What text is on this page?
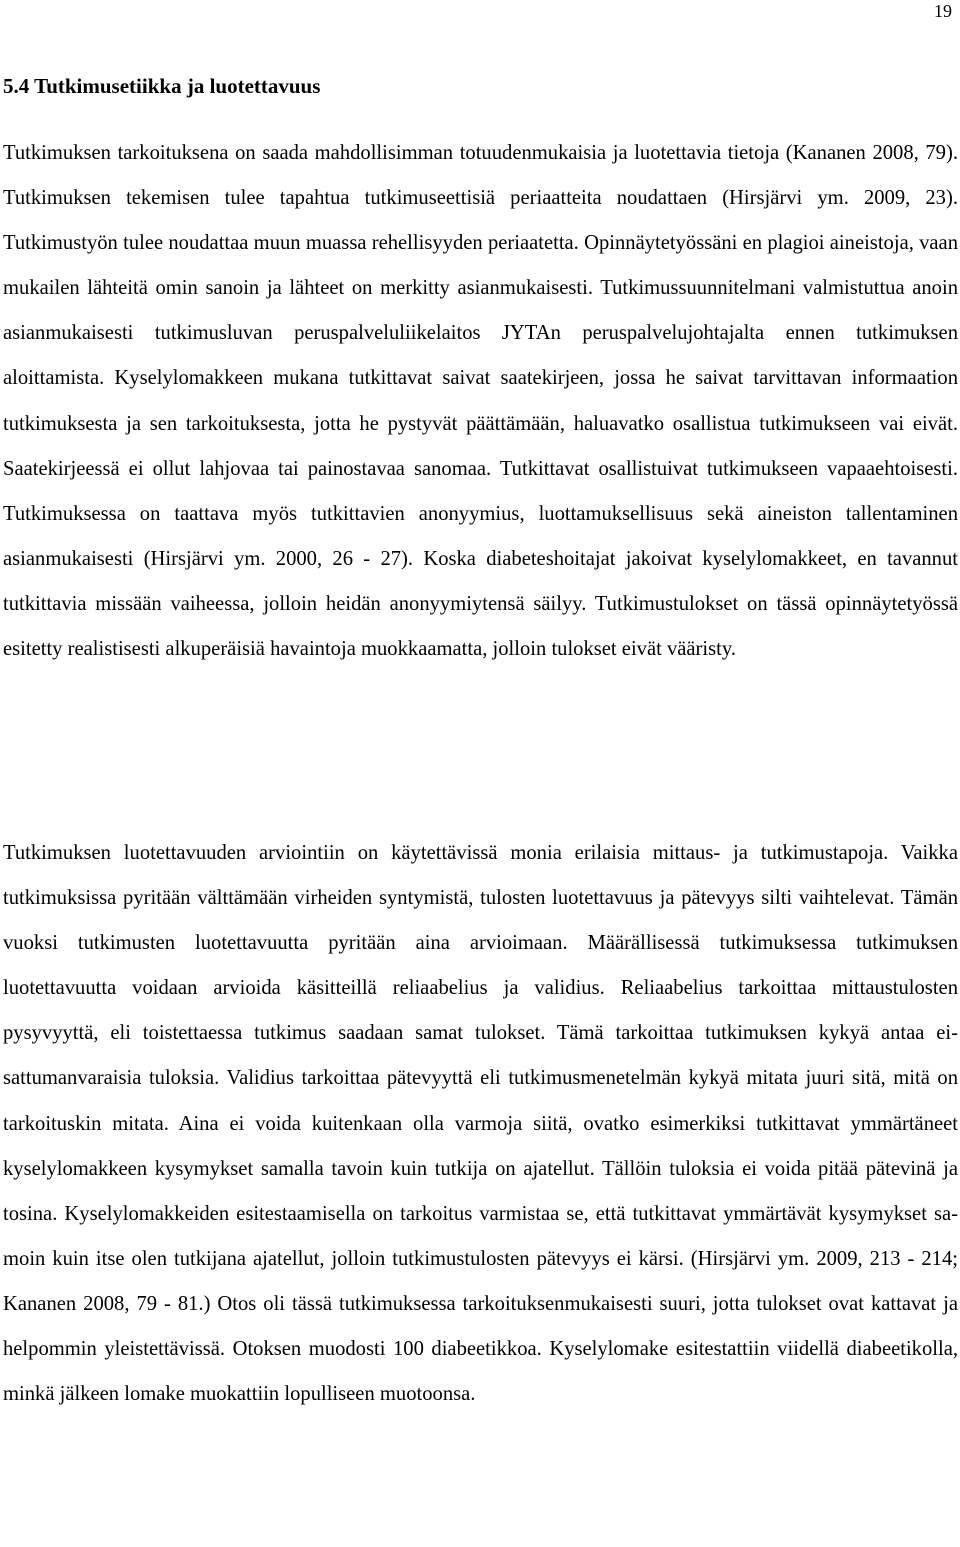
19
5.4 Tutkimusetiikka ja luotettavuus

Tutkimuksen tarkoituksena on saada mahdollisimman totuudenmukaisia ja luotettavia tietoja (Kananen 2008, 79). Tutkimuksen tekemisen tulee tapahtua tutkimuseettisiä periaatteita noudattaen (Hirsjärvi ym. 2009, 23). Tutkimustyön tulee noudattaa muun muassa rehellisyyden periaatetta. Opinnäytetyössäni en plagioi aineistoja, vaan mukailen lähteitä omin sanoin ja lähteet on merkitty asianmukaisesti. Tutkimussuunnitelmani valmistuttua anoin asianmukaisesti tutkimusluvan peruspalveluliikelaitos JYTAn peruspalvelujohtajalta ennen tutkimuksen aloittamista. Kyselylomakkeen mukana tutkittavat saivat saatekirjeen, jossa he saivat tarvittavan informaation tutkimuksesta ja sen tarkoituksesta, jotta he pystyvät päättämään, haluavatko osallistua tutkimukseen vai eivät. Saatekirjeessä ei ollut lahjovaa tai painostavaa sanomaa. Tutkittavat osallistuivat tutkimukseen vapaaehtoisesti. Tutkimuksessa on taattava myös tutkittavien anonyymius, luottamuksellisuus sekä aineiston tallentaminen asianmukaisesti (Hirsjärvi ym. 2000, 26 - 27). Koska diabeteshoitajat jakoivat kyselylomakkeet, en tavannut tutkittavia missään vaiheessa, jolloin heidän anonyymiytensä säilyy. Tutkimustulokset on tässä opinnäytetyössä esitetty realistisesti alkuperäisiä havaintoja muokkaamatta, jolloin tulokset eivät vääristy.

Tutkimuksen luotettavuuden arviointiin on käytettävissä monia erilaisia mittaus- ja tutkimustapoja. Vaikka tutkimuksissa pyritään välttämään virheiden syntymistä, tulosten luotettavuus ja pätevyys silti vaihtelevat. Tämän vuoksi tutkimusten luotettavuutta pyritään aina arvioimaan. Määrällisessä tutkimuksessa tutkimuksen luotettavuutta voidaan arvioida käsitteillä reliaabelius ja validius. Reliaabelius tarkoittaa mittaustulosten pysyvyyttä, eli toistettaessa tutkimus saadaan samat tulokset. Tämä tarkoittaa tutkimuksen kykyä antaa ei-sattumanvaraisia tuloksia. Validius tarkoittaa pätevyyttä eli tutkimusmenetelmän kykyä mitata juuri sitä, mitä on tarkoituskin mitata. Aina ei voida kuitenkaan olla varmoja siitä, ovatko esimerkiksi tutkittavat ymmärtäneet kyselylomakkeen kysymykset samalla tavoin kuin tutkija on ajatellut. Tällöin tuloksia ei voida pitää pätevinä ja tosina. Kyselylomakkeiden esitestaamisella on tarkoitus varmistaa se, että tutkittavat ymmärtävät kysymykset samoin kuin itse olen tutkijana ajatellut, jolloin tutkimustulosten pätevyys ei kärsi. (Hirsjärvi ym. 2009, 213 - 214; Kananen 2008, 79 - 81.) Otos oli tässä tutkimuksessa tarkoituksenmukaisesti suuri, jotta tulokset ovat kattavat ja helpommin yleistettävissä. Otoksen muodosti 100 diabeetikkoa. Kyselylomake esitestattiin viidellä diabeetikolla, minkä jälkeen lomake muokattiin lopulliseen muotoonsa.
